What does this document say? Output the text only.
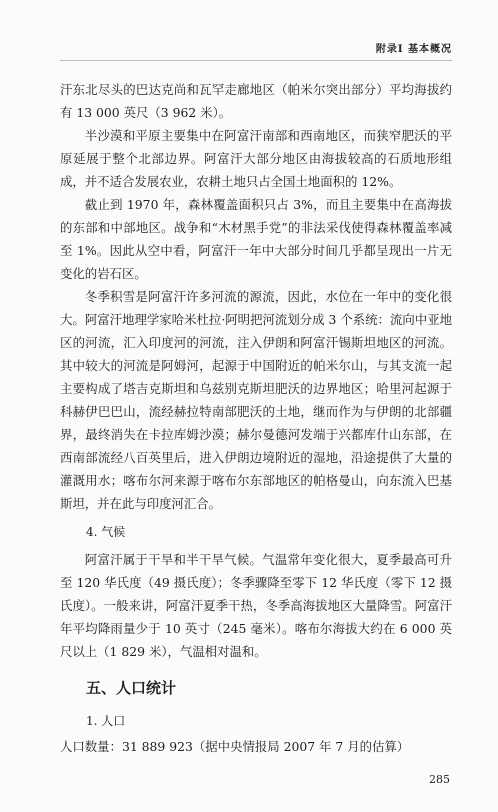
附录Ⅰ 基本概况

汗东北尽头的巴达克尚和瓦罕走廊地区（帕米尔突出部分）平均海拔约有 13 000 英尺（3 962 米）。

半沙漠和平原主要集中在阿富汗南部和西南地区，而狭窄肥沃的平原延展于整个北部边界。阿富汗大部分地区由海拔较高的石质地形组成，并不适合发展农业，农耕土地只占全国土地面积的 12%。

截止到 1970 年，森林覆盖面积只占 3%，而且主要集中在高海拔的东部和中部地区。战争和“木材黑手党”的非法采伐使得森林覆盖率减至 1%。因此从空中看，阿富汗一年中大部分时间几乎都呈现出一片无变化的岩石区。

冬季积雪是阿富汗许多河流的源流，因此，水位在一年中的变化很大。阿富汗地理学家哈米杜拉·阿明把河流划分成 3 个系统：流向中亚地区的河流，汇入印度河的河流，注入伊朗和阿富汗锡斯坦地区的河流。其中较大的河流是阿姆河，起源于中国附近的帕米尔山，与其支流一起主要构成了塔吉克斯坦和乌兹别克斯坦肥沃的边界地区；哈里河起源于科赫伊巴巴山，流经赫拉特南部肥沃的土地，继而作为与伊朗的北部疆界，最终消失在卡拉库姆沙漠；赫尔曼德河发端于兴都库什山东部，在西南部流经八百英里后，进入伊朗边境附近的湿地，沿途提供了大量的灌溉用水；喀布尔河来源于喀布尔东部地区的帕格曼山，向东流入巴基斯坦，并在此与印度河汇合。

4. 气候

阿富汗属于干旱和半干旱气候。气温常年变化很大，夏季最高可升至 120 华氏度（49 摄氏度）；冬季骤降至零下 12 华氏度（零下 12 摄氏度）。一般来讲，阿富汗夏季干热，冬季高海拔地区大量降雪。阿富汗年平均降雨量少于 10 英寸（245 毫米）。喀布尔海拔大约在 6 000 英尺以上（1 829 米），气温相对温和。

五、人口统计
1. 人口

人口数量：31 889 923（据中央情报局 2007 年 7 月的估算）

285
